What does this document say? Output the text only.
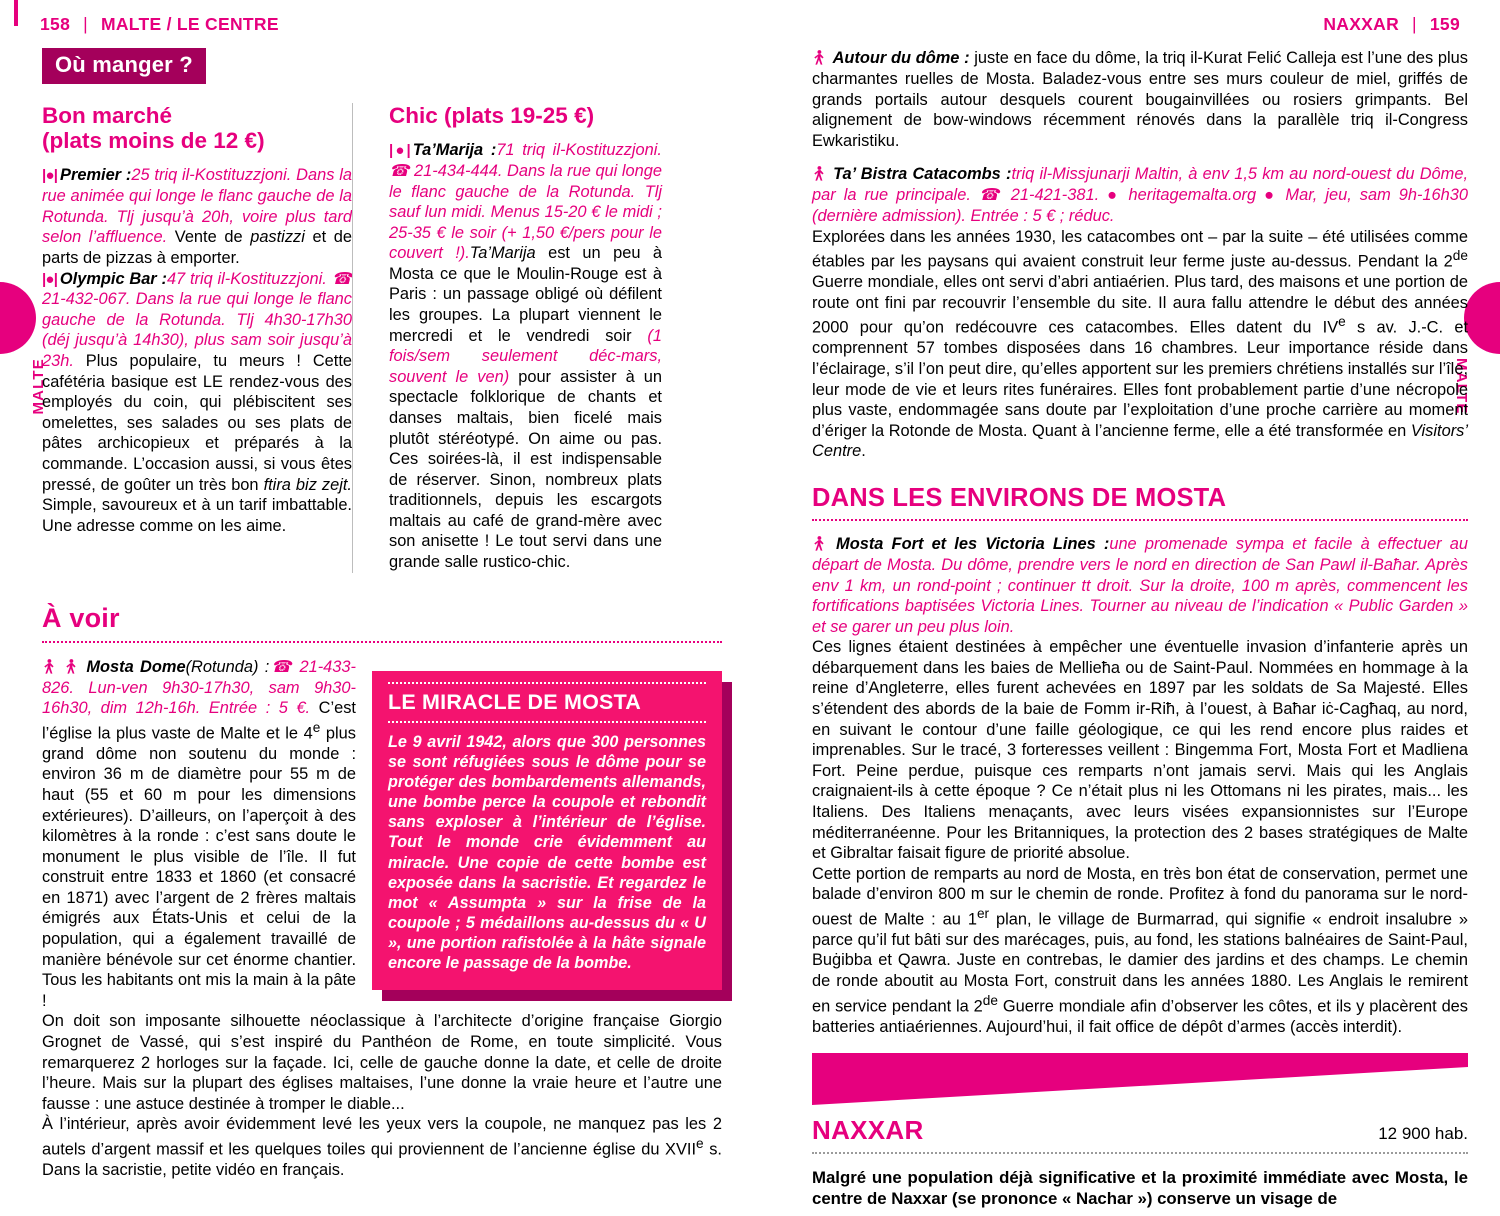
MALTE	MALTE
158 | MALTE / LE CENTRE	NAXXAR | 159
Où manger ?
Bon marché
(plats moins de 12 €)
|●| Premier :25 triq il-Kostituzzjoni. Dans la rue animée qui longe le flanc gauche de la Rotunda. Tlj jusqu’à 20h, voire plus tard selon l’affluence. Vente de pastizzi et de parts de pizzas à emporter.
|●| Olympic Bar :47 triq il-Kostituzzjoni. ☎ 21-432-067. Dans la rue qui longe le flanc gauche de la Rotunda. Tlj 4h30-17h30 (déj jusqu’à 14h30), plus sam soir jusqu’à 23h. Plus populaire, tu meurs ! Cette cafétéria basique est LE rendez-vous des employés du coin, qui plébiscitent ses omelettes, ses salades ou ses plats de pâtes archicopieux et préparés à la commande. L’occasion aussi, si vous êtes pressé, de goûter un très bon ftira biz zejt. Simple, savoureux et à un tarif imbattable. Une adresse comme on les aime.
Chic (plats 19-25 €)
|●| Ta’Marija :71 triq il-Kostituzzjoni. ☎ 21-434-444. Dans la rue qui longe le flanc gauche de la Rotunda. Tlj sauf lun midi. Menus 15-20 € le midi ; 25-35 € le soir (+ 1,50 €/pers pour le couvert !).Ta’Marija est un peu à Mosta ce que le Moulin-Rouge est à Paris : un passage obligé où défilent les groupes. La plupart viennent le mercredi et le vendredi soir (1 fois/sem seulement déc-mars, souvent le ven) pour assister à un spectacle folklorique de chants et danses maltais, bien ficelé mais plutôt stéréotypé. On aime ou pas. Ces soirées-là, il est indispensable de réserver. Sinon, nombreux plats traditionnels, depuis les escargots maltais au café de grand-mère avec son anisette ! Le tout servi dans une grande salle rustico-chic.
À voir
LE MIRACLE DE MOSTA
Le 9 avril 1942, alors que 300 personnes se sont réfugiées sous le dôme pour se protéger des bombardements allemands, une bombe perce la coupole et rebondit sans exploser à l’intérieur de l’église. Tout le monde crie évidemment au miracle. Une copie de cette bombe est exposée dans la sacristie. Et regardez le mot « Assumpta » sur la frise de la coupole ; 5 médaillons au-dessus du « U », une portion rafistolée à la hâte signale encore le passage de la bombe.
Mosta Dome(Rotunda) :☎ 21-433-826. Lun-ven 9h30-17h30, sam 9h30-16h30, dim 12h-16h. Entrée : 5 €. C’est l’église la plus vaste de Malte et le 4e plus grand dôme non soutenu du monde : environ 36 m de diamètre pour 55 m de haut (55 et 60 m pour les dimensions extérieures). D’ailleurs, on l’aperçoit à des kilomètres à la ronde : c’est sans doute le monument le plus visible de l’île. Il fut construit entre 1833 et 1860 (et consacré en 1871) avec l’argent de 2 frères maltais émigrés aux États-Unis et celui de la population, qui a également travaillé de manière bénévole sur cet énorme chantier. Tous les habitants ont mis la main à la pâte !
On doit son imposante silhouette néoclassique à l’architecte d’origine française Giorgio Grognet de Vassé, qui s’est inspiré du Panthéon de Rome, en toute simplicité. Vous remarquerez 2 horloges sur la façade. Ici, celle de gauche donne la date, et celle de droite l’heure. Mais sur la plupart des églises maltaises, l’une donne la vraie heure et l’autre une fausse : une astuce destinée à tromper le diable...
À l’intérieur, après avoir évidemment levé les yeux vers la coupole, ne manquez pas les 2 autels d’argent massif et les quelques toiles qui proviennent de l’ancienne église du XVIIe s. Dans la sacristie, petite vidéo en français.
Autour du dôme : juste en face du dôme, la triq il-Kurat Felić Calleja est l’une des plus charmantes ruelles de Mosta. Baladez-vous entre ses murs couleur de miel, griffés de grands portails autour desquels courent bougainvillées ou rosiers grimpants. Bel alignement de bow-windows récemment rénovés dans la parallèle triq il-Congress Ewkaristiku.
Ta’ Bistra Catacombs :triq il-Missjunarji Maltin, à env 1,5 km au nord-ouest du Dôme, par la rue principale. ☎ 21-421-381. ● heritagemalta.org ● Mar, jeu, sam 9h-16h30 (dernière admission). Entrée : 5 € ; réduc.
Explorées dans les années 1930, les catacombes ont – par la suite – été utilisées comme étables par les paysans qui avaient construit leur ferme juste au-dessus. Pendant la 2de Guerre mondiale, elles ont servi d’abri antiaérien. Plus tard, des maisons et une portion de route ont fini par recouvrir l’ensemble du site. Il aura fallu attendre le début des années 2000 pour qu’on redécouvre ces catacombes. Elles datent du IVe s av. J.-C. et comprennent 57 tombes disposées dans 16 chambres. Leur importance réside dans l’éclairage, s’il l’on peut dire, qu’elles apportent sur les premiers chrétiens installés sur l’île, leur mode de vie et leurs rites funéraires. Elles font probablement partie d’une nécropole plus vaste, endommagée sans doute par l’exploitation d’une proche carrière au moment d’ériger la Rotonde de Mosta. Quant à l’ancienne ferme, elle a été transformée en Visitors’ Centre.
DANS LES ENVIRONS DE MOSTA
Mosta Fort et les Victoria Lines :une promenade sympa et facile à effectuer au départ de Mosta. Du dôme, prendre vers le nord en direction de San Pawl il-Baħar. Après env 1 km, un rond-point ; continuer tt droit. Sur la droite, 100 m après, commencent les fortifications baptisées Victoria Lines. Tourner au niveau de l’indication « Public Garden » et se garer un peu plus loin.
Ces lignes étaient destinées à empêcher une éventuelle invasion d’infanterie après un débarquement dans les baies de Mellieħa ou de Saint-Paul. Nommées en hommage à la reine d’Angleterre, elles furent achevées en 1897 par les soldats de Sa Majesté. Elles s’étendent des abords de la baie de Fomm ir-Riħ, à l’ouest, à Baħar iċ-Cagħaq, au nord, en suivant le contour d’une faille géologique, ce qui les rend encore plus raides et imprenables. Sur le tracé, 3 forteresses veillent : Bingemma Fort, Mosta Fort et Madliena Fort. Peine perdue, puisque ces remparts n’ont jamais servi. Mais qui les Anglais craignaient-ils à cette époque ? Ce n’était plus ni les Ottomans ni les pirates, mais... les Italiens. Des Italiens menaçants, avec leurs visées expansionnistes sur l’Europe méditerranéenne. Pour les Britanniques, la protection des 2 bases stratégiques de Malte et Gibraltar faisait figure de priorité absolue.
Cette portion de remparts au nord de Mosta, en très bon état de conservation, permet une balade d’environ 800 m sur le chemin de ronde. Profitez à fond du panorama sur le nord-ouest de Malte : au 1er plan, le village de Burmarrad, qui signifie « endroit insalubre » parce qu’il fut bâti sur des marécages, puis, au fond, les stations balnéaires de Saint-Paul, Buġibba et Qawra. Juste en contrebas, le damier des jardins et des champs. Le chemin de ronde aboutit au Mosta Fort, construit dans les années 1880. Les Anglais le remirent en service pendant la 2de Guerre mondiale afin d’observer les côtes, et ils y placèrent des batteries antiaériennes. Aujourd’hui, il fait office de dépôt d’armes (accès interdit).
NAXXAR	12 900 hab.
Malgré une population déjà significative et la proximité immédiate avec Mosta, le centre de Naxxar (se prononce « Nachar ») conserve un visage de
